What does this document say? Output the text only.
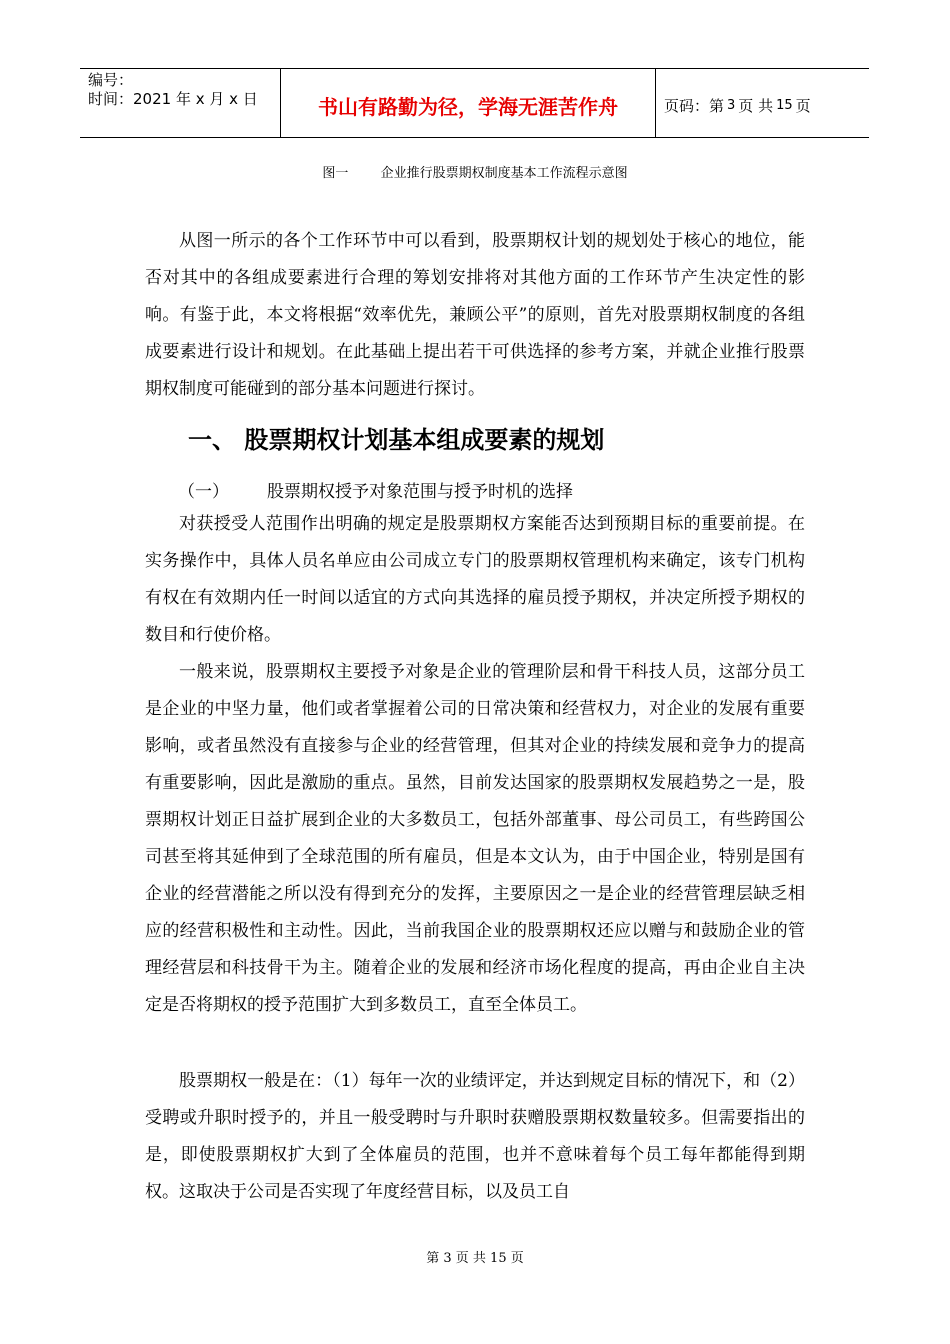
编号：
时间：2021 年 x 月 x 日	书山有路勤为径，学海无涯苦作舟	页码：第 3 页 共 15 页
图一 企业推行股票期权制度基本工作流程示意图
从图一所示的各个工作环节中可以看到，股票期权计划的规划处于核心的地位，能否对其中的各组成要素进行合理的筹划安排将对其他方面的工作环节产生决定性的影响。有鉴于此，本文将根据“效率优先，兼顾公平”的原则，首先对股票期权制度的各组成要素进行设计和规划。在此基础上提出若干可供选择的参考方案，并就企业推行股票期权制度可能碰到的部分基本问题进行探讨。
一、 股票期权计划基本组成要素的规划
（一） 股票期权授予对象范围与授予时机的选择
对获授受人范围作出明确的规定是股票期权方案能否达到预期目标的重要前提。在实务操作中，具体人员名单应由公司成立专门的股票期权管理机构来确定，该专门机构有权在有效期内任一时间以适宜的方式向其选择的雇员授予期权，并决定所授予期权的数目和行使价格。
一般来说，股票期权主要授予对象是企业的管理阶层和骨干科技人员，这部分员工是企业的中坚力量，他们或者掌握着公司的日常决策和经营权力，对企业的发展有重要影响，或者虽然没有直接参与企业的经营管理，但其对企业的持续发展和竞争力的提高有重要影响，因此是激励的重点。虽然，目前发达国家的股票期权发展趋势之一是，股票期权计划正日益扩展到企业的大多数员工，包括外部董事、母公司员工，有些跨国公司甚至将其延伸到了全球范围的所有雇员，但是本文认为，由于中国企业，特别是国有企业的经营潜能之所以没有得到充分的发挥，主要原因之一是企业的经营管理层缺乏相应的经营积极性和主动性。因此，当前我国企业的股票期权还应以赠与和鼓励企业的管理经营层和科技骨干为主。随着企业的发展和经济市场化程度的提高，再由企业自主决定是否将期权的授予范围扩大到多数员工，直至全体员工。
股票期权一般是在：（1）每年一次的业绩评定，并达到规定目标的情况下，和（2）受聘或升职时授予的，并且一般受聘时与升职时获赠股票期权数量较多。但需要指出的是，即使股票期权扩大到了全体雇员的范围，也并不意味着每个员工每年都能得到期权。这取决于公司是否实现了年度经营目标，以及员工自
第 3 页 共 15 页
